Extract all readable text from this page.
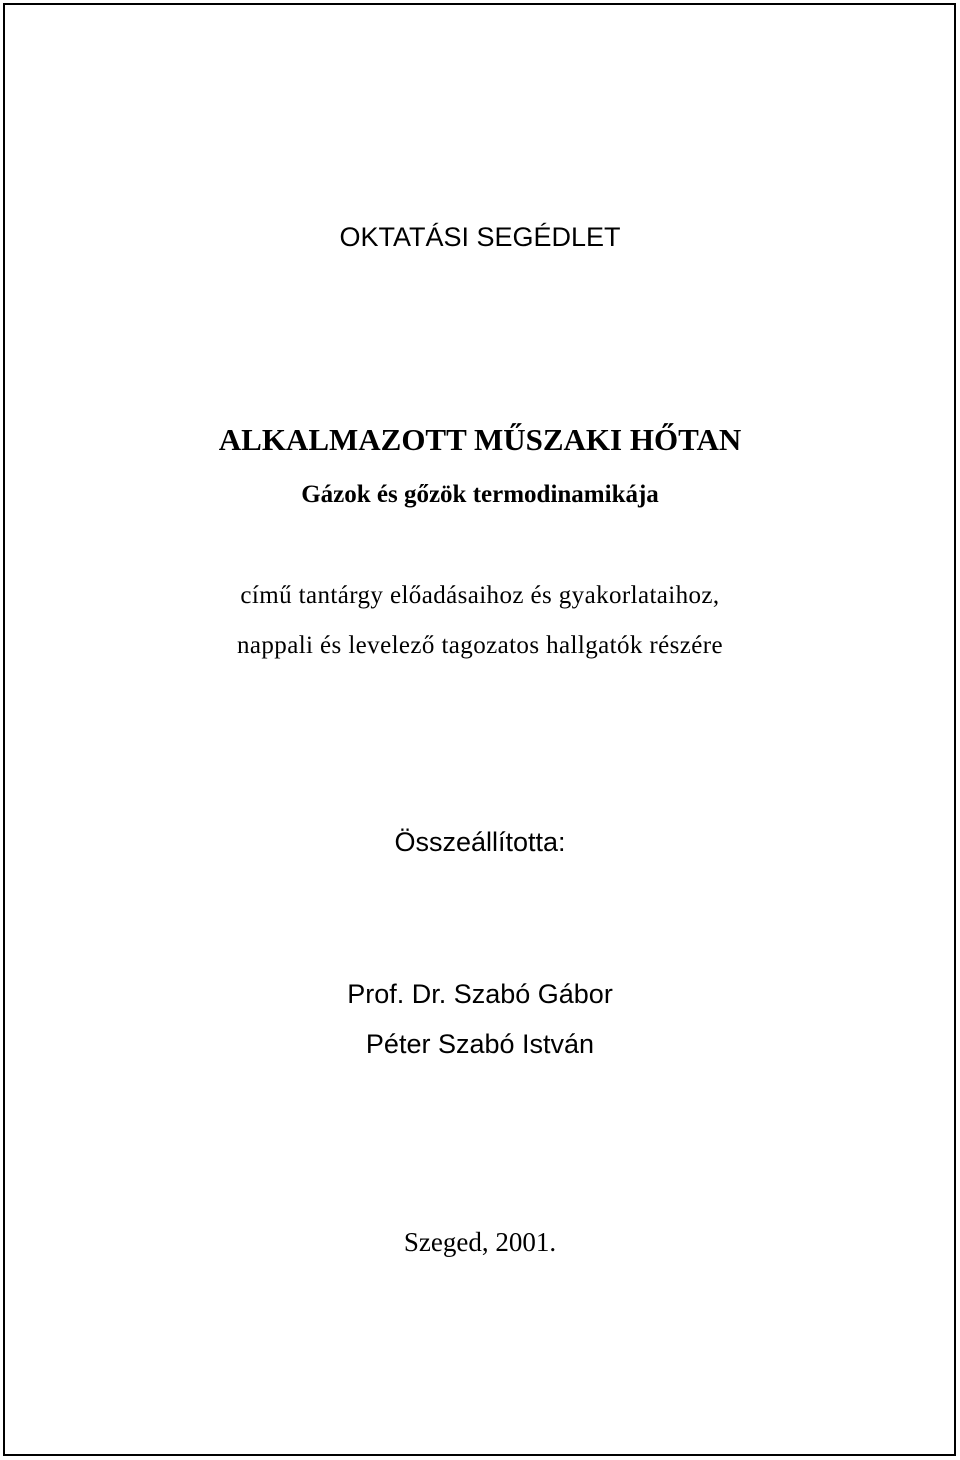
OKTATÁSI SEGÉDLET
ALKALMAZOTT MŰSZAKI HŐTAN
Gázok és gőzök termodinamikája
című tantárgy előadásaihoz és gyakorlataihoz,
nappali és levelező tagozatos hallgatók részére
Összeállította:
Prof. Dr. Szabó Gábor
Péter Szabó István
Szeged, 2001.
